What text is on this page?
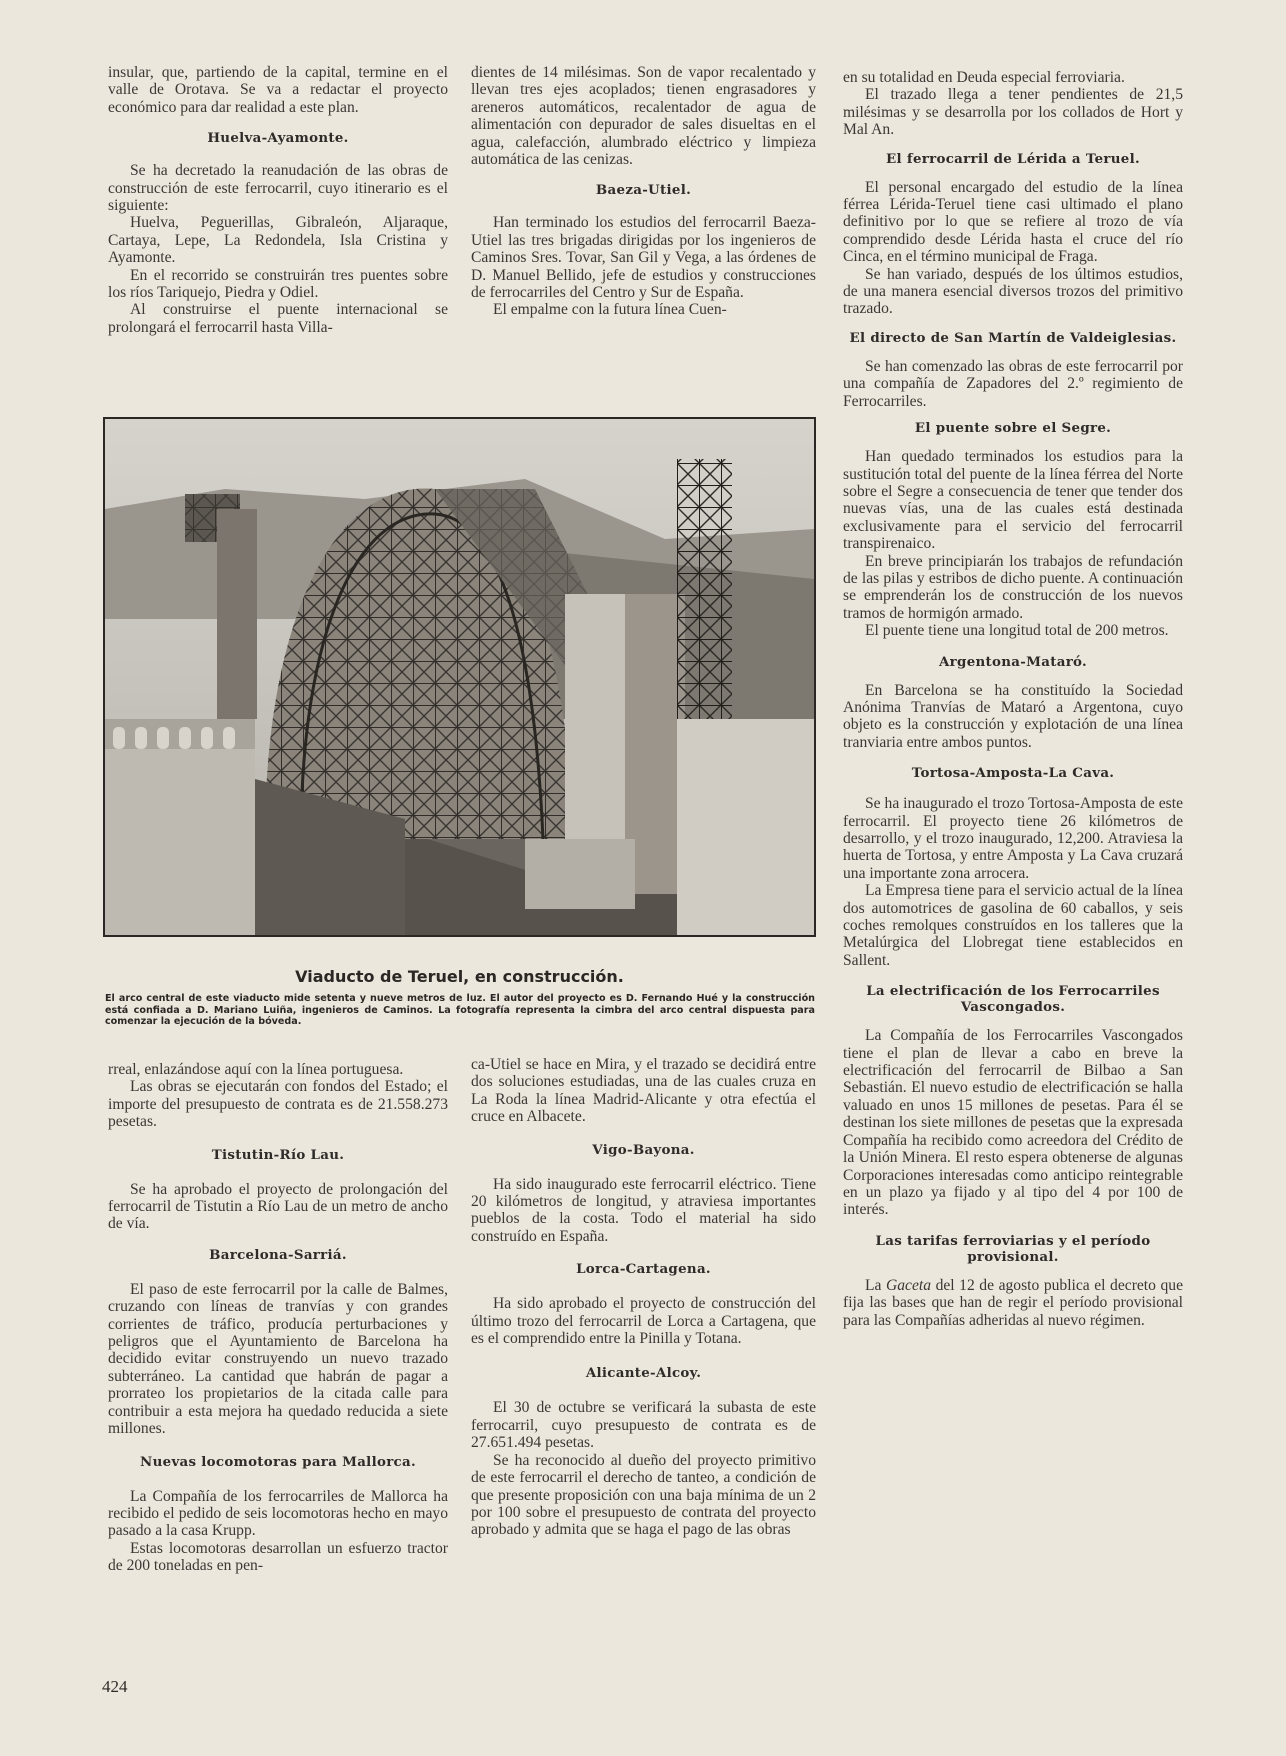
insular, que, partiendo de la capital, termine en el valle de Orotava. Se va a redactar el proyecto económico para dar realidad a este plan.

Huelva-Ayamonte.

Se ha decretado la reanudación de las obras de construcción de este ferrocarril, cuyo itinerario es el siguiente:

Huelva, Peguerillas, Gibraleón, Aljaraque, Cartaya, Lepe, La Redondela, Isla Cristina y Ayamonte.

En el recorrido se construirán tres puentes sobre los ríos Tariquejo, Piedra y Odiel.

Al construirse el puente internacional se prolongará el ferrocarril hasta Villa-

dientes de 14 milésimas. Son de vapor recalentado y llevan tres ejes acoplados; tienen engrasadores y areneros automáticos, recalentador de agua de alimentación con depurador de sales disueltas en el agua, calefacción, alumbrado eléctrico y limpieza automática de las cenizas.

Baeza-Utiel.

Han terminado los estudios del ferrocarril Baeza-Utiel las tres brigadas dirigidas por los ingenieros de Caminos Sres. Tovar, San Gil y Vega, a las órdenes de D. Manuel Bellido, jefe de estudios y construcciones de ferrocarriles del Centro y Sur de España.

El empalme con la futura línea Cuen-

en su totalidad en Deuda especial ferroviaria.

El trazado llega a tener pendientes de 21,5 milésimas y se desarrolla por los collados de Hort y Mal An.

El ferrocarril de Lérida a Teruel.

El personal encargado del estudio de la línea férrea Lérida-Teruel tiene casi ultimado el plano definitivo por lo que se refiere al trozo de vía comprendido desde Lérida hasta el cruce del río Cinca, en el término municipal de Fraga.

Se han variado, después de los últimos estudios, de una manera esencial diversos trozos del primitivo trazado.

El directo de San Martín de Valdeiglesias.

Se han comenzado las obras de este ferrocarril por una compañía de Zapadores del 2.º regimiento de Ferrocarriles.

El puente sobre el Segre.

Han quedado terminados los estudios para la sustitución total del puente de la línea férrea del Norte sobre el Segre a consecuencia de tener que tender dos nuevas vías, una de las cuales está destinada exclusivamente para el servicio del ferrocarril transpirenaico.

En breve principiarán los trabajos de refundación de las pilas y estribos de dicho puente. A continuación se emprenderán los de construcción de los nuevos tramos de hormigón armado.

El puente tiene una longitud total de 200 metros.

Argentona-Mataró.

En Barcelona se ha constituído la Sociedad Anónima Tranvías de Mataró a Argentona, cuyo objeto es la construcción y explotación de una línea tranviaria entre ambos puntos.

Tortosa-Amposta-La Cava.

Se ha inaugurado el trozo Tortosa-Amposta de este ferrocarril. El proyecto tiene 26 kilómetros de desarrollo, y el trozo inaugurado, 12,200. Atraviesa la huerta de Tortosa, y entre Amposta y La Cava cruzará una importante zona arrocera.

La Empresa tiene para el servicio actual de la línea dos automotrices de gasolina de 60 caballos, y seis coches remolques construídos en los talleres que la Metalúrgica del Llobregat tiene establecidos en Sallent.

La electrificación de los Ferrocarriles Vascongados.

La Compañía de los Ferrocarriles Vascongados tiene el plan de llevar a cabo en breve la electrificación del ferrocarril de Bilbao a San Sebastián. El nuevo estudio de electrificación se halla valuado en unos 15 millones de pesetas. Para él se destinan los siete millones de pesetas que la expresada Compañía ha recibido como acreedora del Crédito de la Unión Minera. El resto espera obtenerse de algunas Corporaciones interesadas como anticipo reintegrable en un plazo ya fijado y al tipo del 4 por 100 de interés.

Las tarifas ferroviarias y el período provisional.

La Gaceta del 12 de agosto publica el decreto que fija las bases que han de regir el período provisional para las Compañías adheridas al nuevo régimen.

Viaducto de Teruel, en construcción.
El arco central de este viaducto mide setenta y nueve metros de luz. El autor del proyecto es D. Fernando Hué y la construcción está confiada a D. Mariano Luiña, ingenieros de Caminos. La fotografía representa la cimbra del arco central dispuesta para comenzar la ejecución de la bóveda.

rreal, enlazándose aquí con la línea portuguesa.

Las obras se ejecutarán con fondos del Estado; el importe del presupuesto de contrata es de 21.558.273 pesetas.

Tistutin-Río Lau.

Se ha aprobado el proyecto de prolongación del ferrocarril de Tistutin a Río Lau de un metro de ancho de vía.

Barcelona-Sarriá.

El paso de este ferrocarril por la calle de Balmes, cruzando con líneas de tranvías y con grandes corrientes de tráfico, producía perturbaciones y peligros que el Ayuntamiento de Barcelona ha decidido evitar construyendo un nuevo trazado subterráneo. La cantidad que habrán de pagar a prorrateo los propietarios de la citada calle para contribuir a esta mejora ha quedado reducida a siete millones.

Nuevas locomotoras para Mallorca.

La Compañía de los ferrocarriles de Mallorca ha recibido el pedido de seis locomotoras hecho en mayo pasado a la casa Krupp.

Estas locomotoras desarrollan un esfuerzo tractor de 200 toneladas en pen-

ca-Utiel se hace en Mira, y el trazado se decidirá entre dos soluciones estudiadas, una de las cuales cruza en La Roda la línea Madrid-Alicante y otra efectúa el cruce en Albacete.

Vigo-Bayona.

Ha sido inaugurado este ferrocarril eléctrico. Tiene 20 kilómetros de longitud, y atraviesa importantes pueblos de la costa. Todo el material ha sido construído en España.

Lorca-Cartagena.

Ha sido aprobado el proyecto de construcción del último trozo del ferrocarril de Lorca a Cartagena, que es el comprendido entre la Pinilla y Totana.

Alicante-Alcoy.

El 30 de octubre se verificará la subasta de este ferrocarril, cuyo presupuesto de contrata es de 27.651.494 pesetas.

Se ha reconocido al dueño del proyecto primitivo de este ferrocarril el derecho de tanteo, a condición de que presente proposición con una baja mínima de un 2 por 100 sobre el presupuesto de contrata del proyecto aprobado y admita que se haga el pago de las obras

424
